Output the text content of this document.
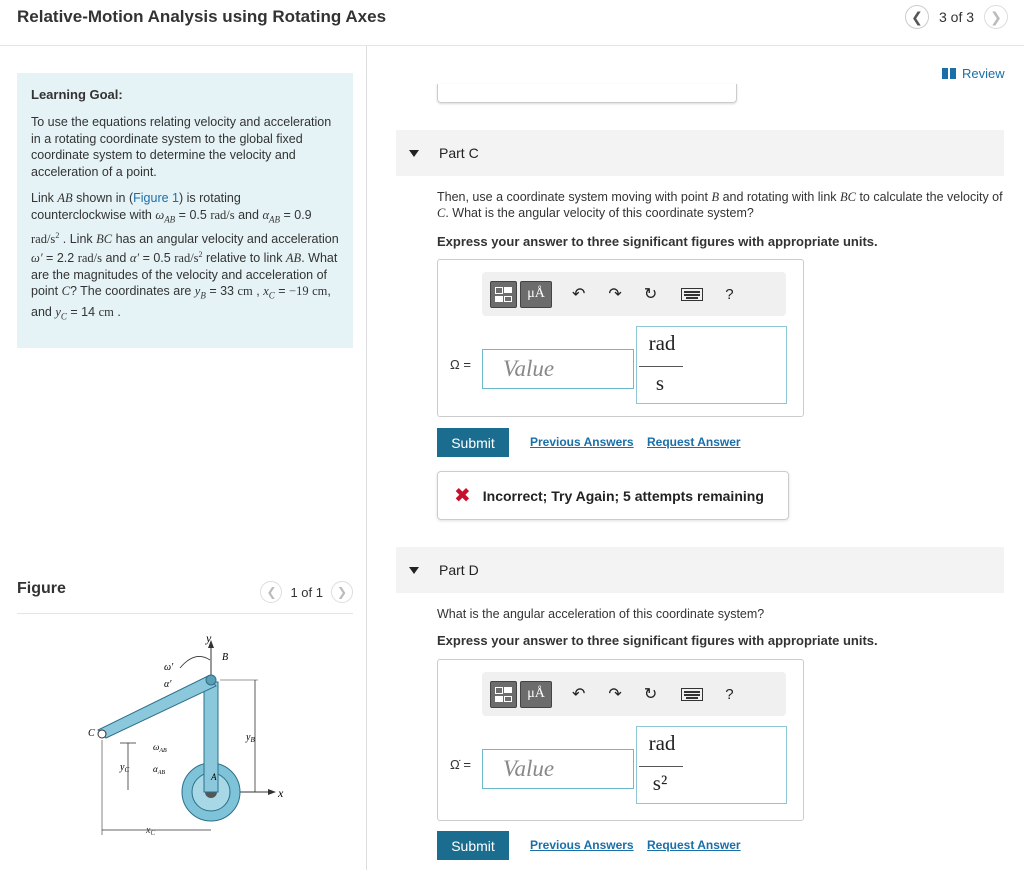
Relative-Motion Analysis using Rotating Axes	❮ 3 of 3 ❯
Learning Goal:

To use the equations relating velocity and acceleration in a rotating coordinate system to the global fixed coordinate system to determine the velocity and acceleration of a point.

Link AB shown in (Figure 1) is rotating counterclockwise with $\omega_{AB} = 0.5$ rad/s and $\alpha_{AB} = 0.9$ rad/$s^2$ . Link BC has an angular velocity and acceleration ω′ = 2.2 rad/s and α′ = 0.5 rad/$s^2$ relative to link AB. What are the magnitudes of the velocity and acceleration of point C? The coordinates are $y_B = 33$ cm , $x_C = -19$ cm, and $y_C = 14$ cm .

Figure	❮ 1 of 1 ❯
y
x
A
B
C
ω′
α′
$\omega_{AB}$
$\alpha_{AB}$
$y_B$
$y_C$
$x_C$
Review
Part C
Then, use a coordinate system moving with point B and rotating with link BC to calculate the velocity of C. What is the angular velocity of this coordinate system?
Express your answer to three significant figures with appropriate units.
μÅ ↶ ↷ ↻	?
Ω =	Value
rad
s
Submit	Previous Answers Request Answer
✖ Incorrect; Try Again; 5 attempts remaining
Part D
What is the angular acceleration of this coordinate system?
Express your answer to three significant figures with appropriate units.
μÅ ↶ ↷ ↻	?
Ω̇ =	Value
rad
s²
Submit	Previous Answers Request Answer
